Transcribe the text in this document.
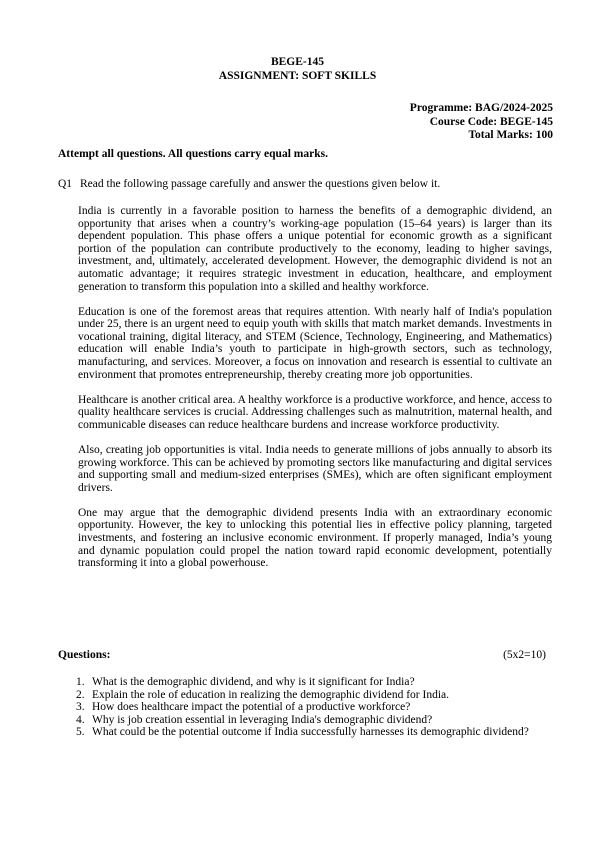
BEGE-145
ASSIGNMENT: SOFT SKILLS
Programme: BAG/2024-2025
Course Code: BEGE-145
Total Marks: 100
Attempt all questions. All questions carry equal marks.
Q1 Read the following passage carefully and answer the questions given below it.

India is currently in a favorable position to harness the benefits of a demographic dividend, an opportunity that arises when a country’s working-age population (15–64 years) is larger than its dependent population. This phase offers a unique potential for economic growth as a significant portion of the population can contribute productively to the economy, leading to higher savings, investment, and, ultimately, accelerated development. However, the demographic dividend is not an automatic advantage; it requires strategic investment in education, healthcare, and employment generation to transform this population into a skilled and healthy workforce.

Education is one of the foremost areas that requires attention. With nearly half of India's population under 25, there is an urgent need to equip youth with skills that match market demands. Investments in vocational training, digital literacy, and STEM (Science, Technology, Engineering, and Mathematics) education will enable India’s youth to participate in high-growth sectors, such as technology, manufacturing, and services. Moreover, a focus on innovation and research is essential to cultivate an environment that promotes entrepreneurship, thereby creating more job opportunities.

Healthcare is another critical area. A healthy workforce is a productive workforce, and hence, access to quality healthcare services is crucial. Addressing challenges such as malnutrition, maternal health, and communicable diseases can reduce healthcare burdens and increase workforce productivity.

Also, creating job opportunities is vital. India needs to generate millions of jobs annually to absorb its growing workforce. This can be achieved by promoting sectors like manufacturing and digital services and supporting small and medium-sized enterprises (SMEs), which are often significant employment drivers.

One may argue that the demographic dividend presents India with an extraordinary economic opportunity. However, the key to unlocking this potential lies in effective policy planning, targeted investments, and fostering an inclusive economic environment. If properly managed, India’s young and dynamic population could propel the nation toward rapid economic development, potentially transforming it into a global powerhouse.

Questions:	(5x2=10)
1. What is the demographic dividend, and why is it significant for India?
2. Explain the role of education in realizing the demographic dividend for India.
3. How does healthcare impact the potential of a productive workforce?
4. Why is job creation essential in leveraging India's demographic dividend?
5. What could be the potential outcome if India successfully harnesses its demographic dividend?
